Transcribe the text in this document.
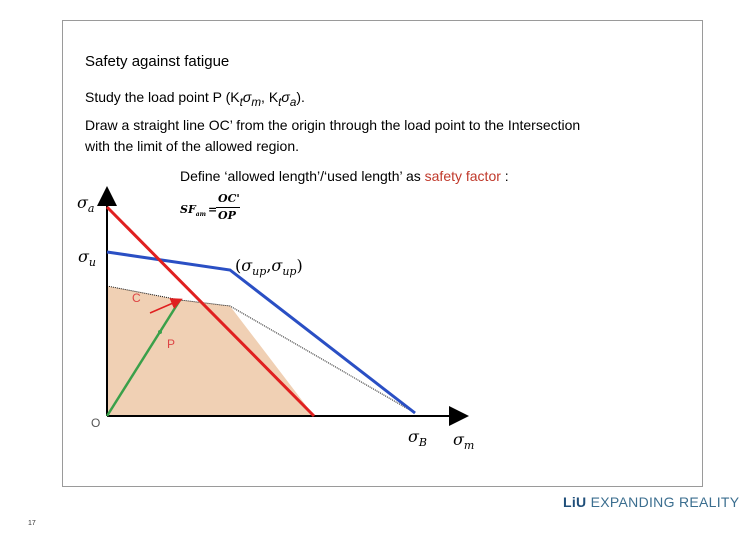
Safety against fatigue
Study the load point P ($K_t\sigma_m$, $K_t\sigma_a$).
Draw a straight line OC’ from the origin through the load point to the Intersection with the limit of the allowed region.
Define ‘allowed length’/‘used length’ as safety factor :
$SF_{am}$ =
OC'
OP
$\sigma_a$
$\sigma_u$
$\sigma_B$ $\sigma_m$
$(\sigma_{up},\sigma_{up})$
C
P
O
17
LiU EXPANDING REALITY
